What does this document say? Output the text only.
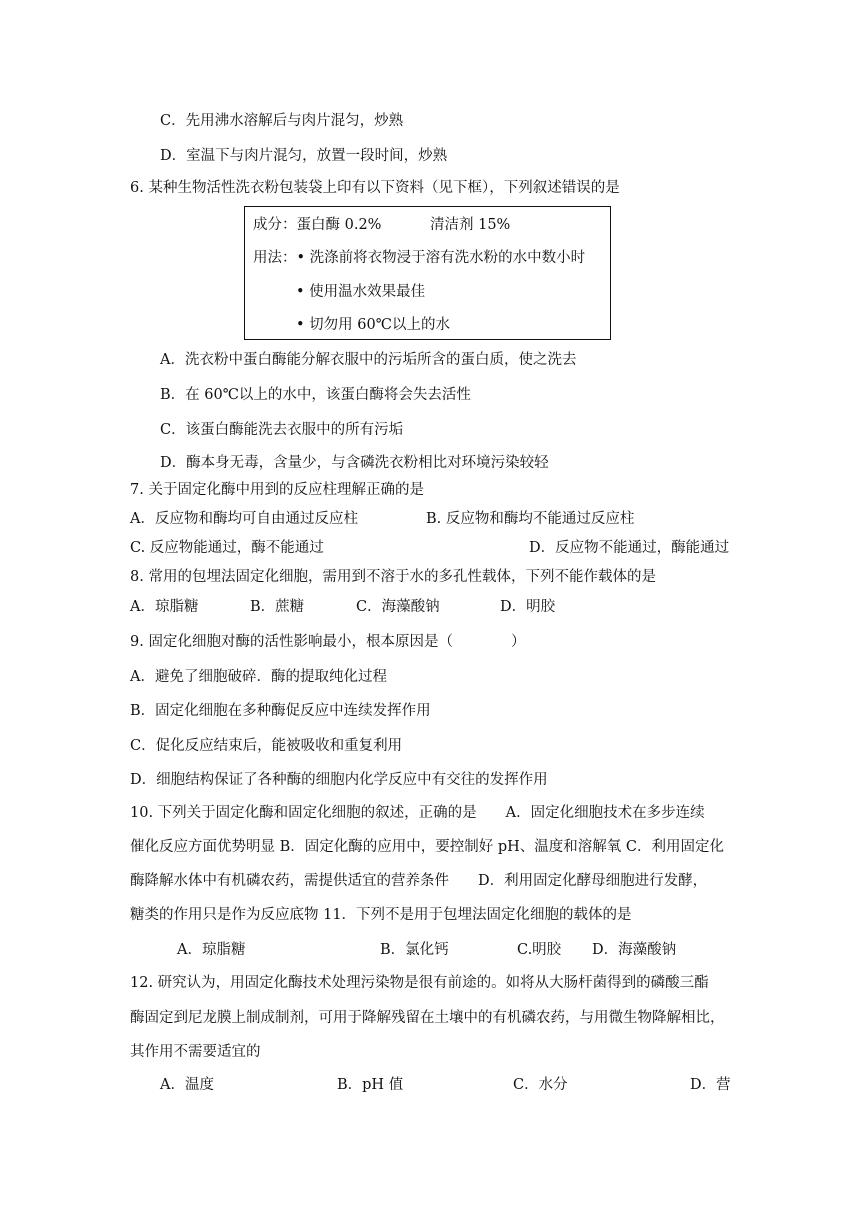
C．先用沸水溶解后与肉片混匀，炒熟
D．室温下与肉片混匀，放置一段时间，炒熟
6. 某种生物活性洗衣粉包装袋上印有以下资料（见下框），下列叙述错误的是
成分：蛋白酶 0.2%	清洁剂 15%
用法：• 洗涤前将衣物浸于溶有洗水粉的水中数小时
• 使用温水效果最佳
• 切勿用 60℃以上的水
A．洗衣粉中蛋白酶能分解衣服中的污垢所含的蛋白质，使之洗去
B．在 60℃以上的水中，该蛋白酶将会失去活性
C．该蛋白酶能洗去衣服中的所有污垢
D．酶本身无毒，含量少，与含磷洗衣粉相比对环境污染较轻
7. 关于固定化酶中用到的反应柱理解正确的是
A．反应物和酶均可自由通过反应柱	B. 反应物和酶均不能通过反应柱
C. 反应物能通过，酶不能通过	D．反应物不能通过，酶能通过
8. 常用的包埋法固定化细胞，需用到不溶于水的多孔性载体，下列不能作载体的是
A．琼脂糖	B．蔗糖	C．海藻酸钠	D．明胶
9. 固定化细胞对酶的活性影响最小，根本原因是（　　　　）
A．避免了细胞破碎．酶的提取纯化过程
B．固定化细胞在多种酶促反应中连续发挥作用
C．促化反应结束后，能被吸收和重复利用
D．细胞结构保证了各种酶的细胞内化学反应中有交往的发挥作用
10. 下列关于固定化酶和固定化细胞的叙述，正确的是　　A．固定化细胞技术在多步连续
催化反应方面优势明显 B．固定化酶的应用中，要控制好 pH、温度和溶解氧 C．利用固定化
酶降解水体中有机磷农药，需提供适宜的营养条件　　D．利用固定化酵母细胞进行发酵，
糖类的作用只是作为反应底物 11．下列不是用于包埋法固定化细胞的载体的是
A．琼脂糖	B．氯化钙	C.明胶 D．海藻酸钠
12. 研究认为，用固定化酶技术处理污染物是很有前途的。如将从大肠杆菌得到的磷酸三酯
酶固定到尼龙膜上制成制剂，可用于降解残留在土壤中的有机磷农药，与用微生物降解相比，
其作用不需要适宜的
A．温度	B．pH 值	C．水分	D．营
